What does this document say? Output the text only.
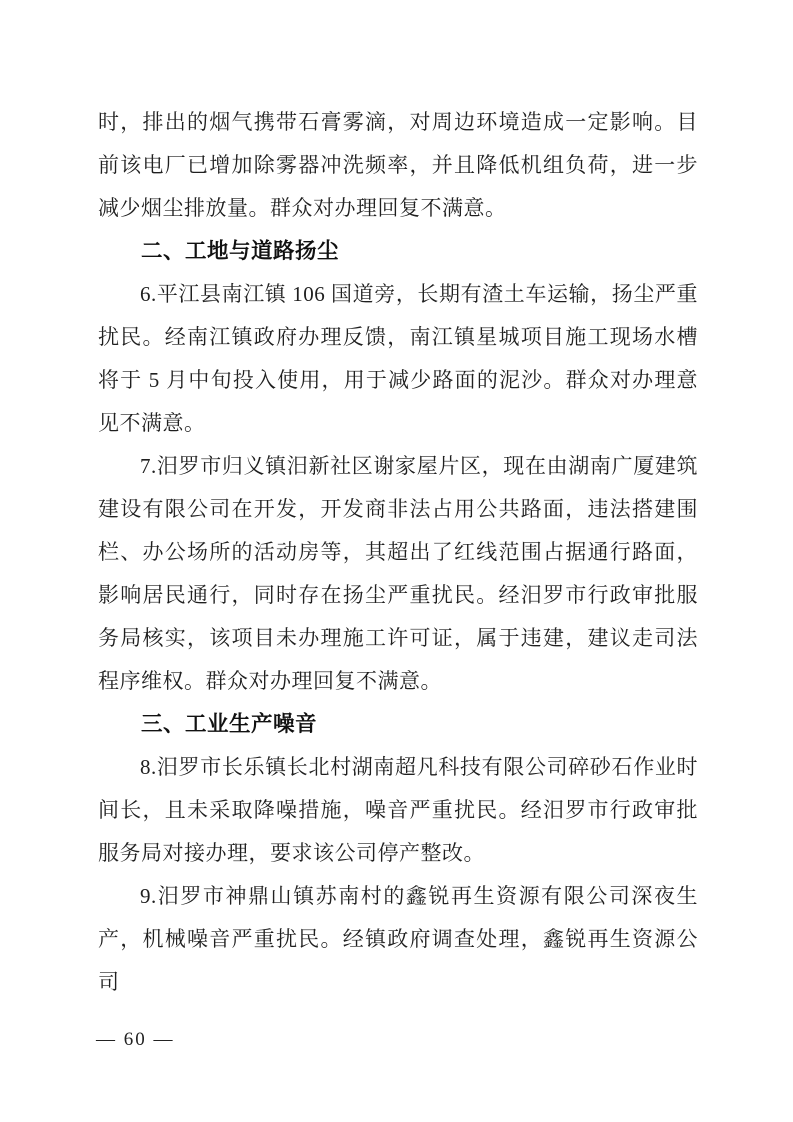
时，排出的烟气携带石膏雾滴，对周边环境造成一定影响。目前该电厂已增加除雾器冲洗频率，并且降低机组负荷，进一步减少烟尘排放量。群众对办理回复不满意。

二、工地与道路扬尘

6.平江县南江镇 106 国道旁，长期有渣土车运输，扬尘严重扰民。经南江镇政府办理反馈，南江镇星城项目施工现场水槽将于 5 月中旬投入使用，用于减少路面的泥沙。群众对办理意见不满意。

7.汨罗市归义镇汨新社区谢家屋片区，现在由湖南广厦建筑建设有限公司在开发，开发商非法占用公共路面，违法搭建围栏、办公场所的活动房等，其超出了红线范围占据通行路面，影响居民通行，同时存在扬尘严重扰民。经汨罗市行政审批服务局核实，该项目未办理施工许可证，属于违建，建议走司法程序维权。群众对办理回复不满意。

三、工业生产噪音

8.汨罗市长乐镇长北村湖南超凡科技有限公司碎砂石作业时间长，且未采取降噪措施，噪音严重扰民。经汨罗市行政审批服务局对接办理，要求该公司停产整改。

9.汨罗市神鼎山镇苏南村的鑫锐再生资源有限公司深夜生产，机械噪音严重扰民。经镇政府调查处理，鑫锐再生资源公司

— 60 —
